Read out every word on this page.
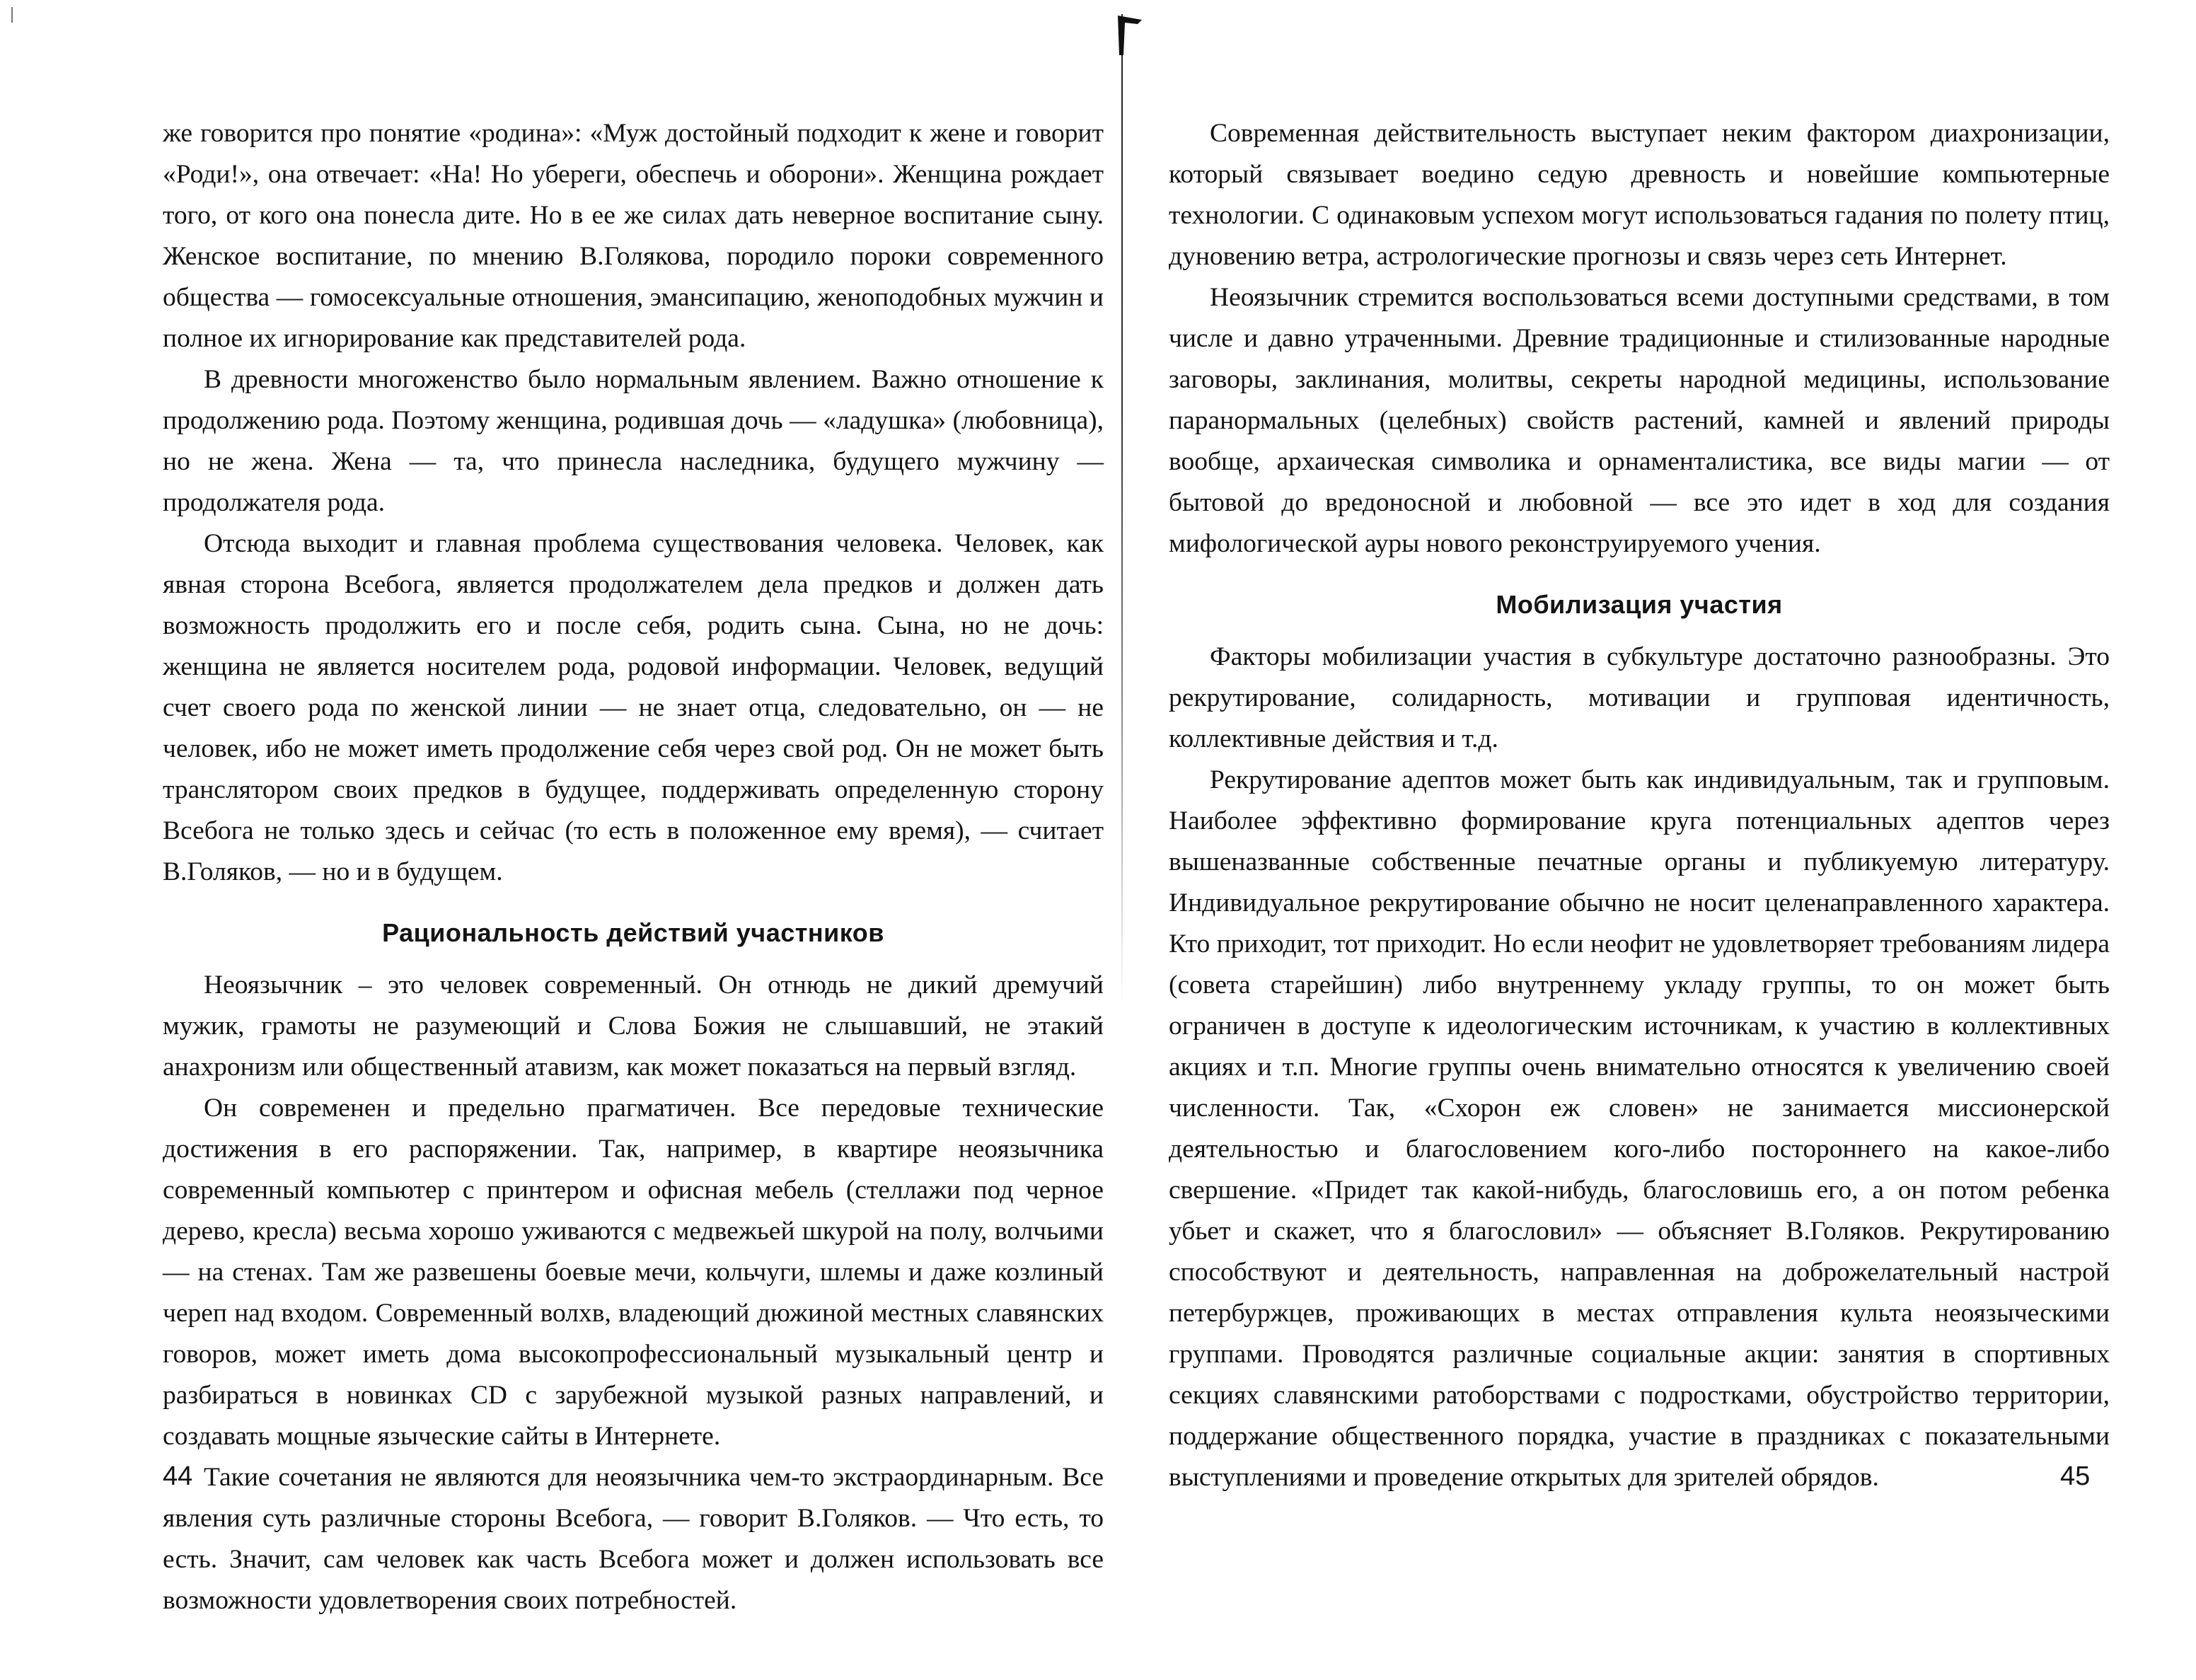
же говорится про понятие «родина»: «Муж достойный подходит к жене и говорит «Роди!», она отвечает: «На! Но убереги, обеспечь и оборони». Женщина рождает того, от кого она понесла дите. Но в ее же силах дать неверное воспитание сыну. Женское воспитание, по мнению В.Голякова, породило пороки современного общества — гомосексуальные отношения, эмансипацию, женоподобных мужчин и полное их игнорирование как представителей рода.

В древности многоженство было нормальным явлением. Важно отношение к продолжению рода. Поэтому женщина, родившая дочь — «ладушка» (любовница), но не жена. Жена — та, что принесла наследника, будущего мужчину — продолжателя рода.

Отсюда выходит и главная проблема существования человека. Человек, как явная сторона Всебога, является продолжателем дела предков и должен дать возможность продолжить его и после себя, родить сына. Сына, но не дочь: женщина не является носителем рода, родовой информации. Человек, ведущий счет своего рода по женской линии — не знает отца, следовательно, он — не человек, ибо не может иметь продолжение себя через свой род. Он не может быть транслятором своих предков в будущее, поддерживать определенную сторону Всебога не только здесь и сейчас (то есть в положенное ему время), — считает В.Голяков, — но и в будущем.

Рациональность действий участников

Неоязычник – это человек современный. Он отнюдь не дикий дремучий мужик, грамоты не разумеющий и Слова Божия не слышавший, не этакий анахронизм или общественный атавизм, как может показаться на первый взгляд.

Он современен и предельно прагматичен. Все передовые технические достижения в его распоряжении. Так, например, в квартире неоязычника современный компьютер с принтером и офисная мебель (стеллажи под черное дерево, кресла) весьма хорошо уживаются с медвежьей шкурой на полу, волчьими — на стенах. Там же развешены боевые мечи, кольчуги, шлемы и даже козлиный череп над входом. Современный волхв, владеющий дюжиной местных славянских говоров, может иметь дома высокопрофессиональный музыкальный центр и разбираться в новинках CD с зарубежной музыкой разных направлений, и создавать мощные языческие сайты в Интернете.

Такие сочетания не являются для неоязычника чем-то экстраординарным. Все явления суть различные стороны Всебога, — говорит В.Голяков. — Что есть, то есть. Значит, сам человек как часть Всебога может и должен использовать все возможности удовлетворения своих потребностей.

44

Современная действительность выступает неким фактором диахронизации, который связывает воедино седую древность и новейшие компьютерные технологии. С одинаковым успехом могут использоваться гадания по полету птиц, дуновению ветра, астрологические прогнозы и связь через сеть Интернет.

Неоязычник стремится воспользоваться всеми доступными средствами, в том числе и давно утраченными. Древние традиционные и стилизованные народные заговоры, заклинания, молитвы, секреты народной медицины, использование паранормальных (целебных) свойств растений, камней и явлений природы вообще, архаическая символика и орнаменталистика, все виды магии — от бытовой до вредоносной и любовной — все это идет в ход для создания мифологической ауры нового реконструируемого учения.

Мобилизация участия

Факторы мобилизации участия в субкультуре достаточно разнообразны. Это рекрутирование, солидарность, мотивации и групповая идентичность, коллективные действия и т.д.

Рекрутирование адептов может быть как индивидуальным, так и групповым. Наиболее эффективно формирование круга потенциальных адептов через вышеназванные собственные печатные органы и публикуемую литературу. Индивидуальное рекрутирование обычно не носит целенаправленного характера. Кто приходит, тот приходит. Но если неофит не удовлетворяет требованиям лидера (совета старейшин) либо внутреннему укладу группы, то он может быть ограничен в доступе к идеологическим источникам, к участию в коллективных акциях и т.п. Многие группы очень внимательно относятся к увеличению своей численности. Так, «Схорон еж словен» не занимается миссионерской деятельностью и благословением кого-либо постороннего на какое-либо свершение. «Придет так какой-нибудь, благословишь его, а он потом ребенка убьет и скажет, что я благословил» — объясняет В.Голяков. Рекрутированию способствуют и деятельность, направленная на доброжелательный настрой петербуржцев, проживающих в местах отправления культа неоязыческими группами. Проводятся различные социальные акции: занятия в спортивных секциях славянскими ратоборствами с подростками, обустройство территории, поддержание общественного порядка, участие в праздниках с показательными выступлениями и проведение открытых для зрителей обрядов.	45
